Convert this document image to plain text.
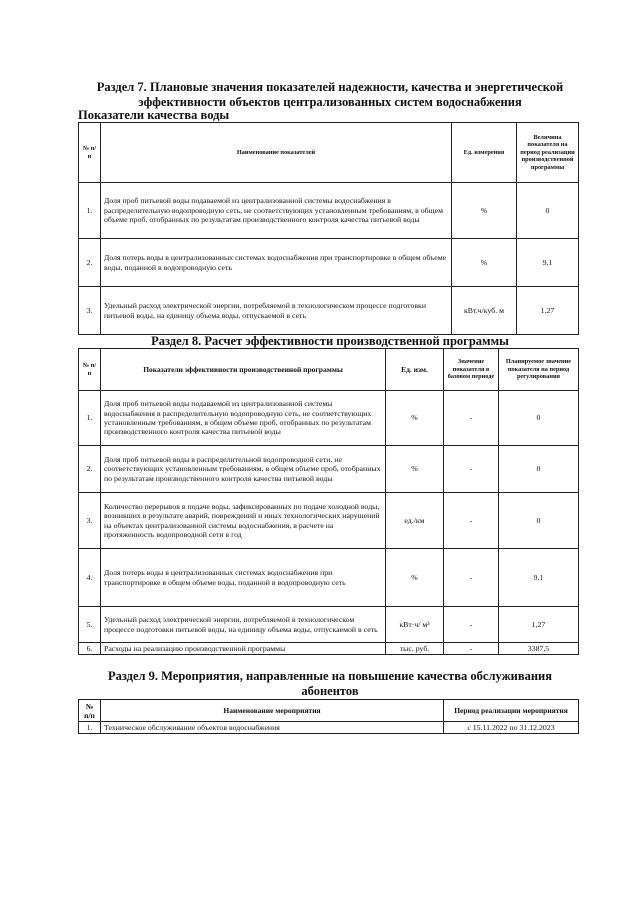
Раздел 7. Плановые значения показателей надежности, качества и энергетической
эффективности объектов централизованных систем водоснабжения
Показатели качества воды
№ п/п	Наименование показателей	Ед. измерения	Величина показателя на период реализации производственной программы
1.	Доля проб питьевой воды подаваемой из централизованной системы водоснабжения в распределительную водопроводную сеть, не соответствующих установленным требованиям, в общем объеме проб, отобранных по результатам производственного контроля качества питьевой воды	%	0
2.	Доля потерь воды в централизованных системах водоснабжения при транспортировке в общем объеме воды, поданной в водопроводную сеть	%	9,1
3.	Удельный расход электрической энергии, потребляемой в технологическом процессе подготовки питьевой воды, на единицу объема воды, отпускаемой в сеть	кВт.ч/куб. м	1,27
Раздел 8. Расчет эффективности производственной программы
№ п/п	Показатели эффективности производственной программы	Ед. изм.	Значение показателя в базовом периоде	Планируемое значение показателя на период регулирования
1.	Доля проб питьевой воды подаваемой из централизованной системы водоснабжения в распределительную водопроводную сеть, не соответствующих установленным требованиям, в общем объеме проб, отобранных по результатам производственного контроля качества питьевой воды	%	-	0
2.	Доля проб питьевой воды в распределительной водопроводной сети, не соответствующих установленным требованиям, в общем объеме проб, отобранных по результатам производственного контроля качества питьевой воды	%	-	0
3.	Количество перерывов в подаче воды, зафиксированных по подаче холодной воды, возникших в результате аварий, повреждений и иных технологических нарушений на объектах централизованной системы водоснабжения, в расчете на протяженность водопроводной сети в год	ед./км	-	0
4.	Доля потерь воды в централизованных системах водоснабжения при транспортировке в общем объеме воды, поданной в водопроводную сеть	%	-	9,1
5.	Удельный расход электрической энергии, потребляемой в технологическом процессе подготовки питьевой воды, на единицу объема воды, отпускаемой в сеть	кВт·ч/ м³	-	1,27
6.	Расходы на реализацию производственной программы	тыс. руб.	-	3387,5
Раздел 9. Мероприятия, направленные на повышение качества обслуживания
абонентов
№ п/п	Наименование мероприятия	Период реализации мероприятия
1.	Техническое обслуживание объектов водоснабжения	с 15.11.2022 по 31.12.2023
